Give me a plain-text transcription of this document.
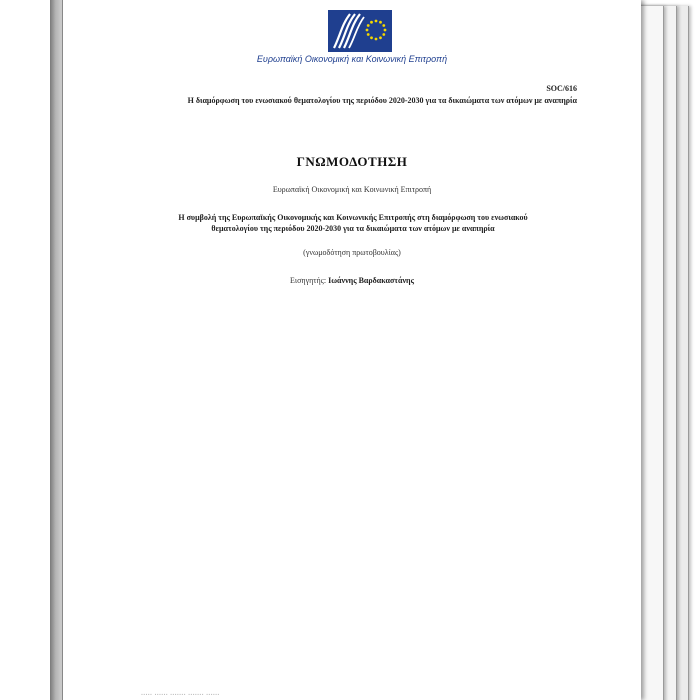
Ευρωπαϊκή Οικονομική και Κοινωνική Επιτροπή
SOC/616
Η διαμόρφωση του ενωσιακού θεματολογίου της περιόδου 2020-2030 για τα δικαιώματα των ατόμων με αναπηρία
ΓΝΩΜΟΔΟΤΗΣΗ
Ευρωπαϊκή Οικονομική και Κοινωνική Επιτροπή
Η συμβολή της Ευρωπαϊκής Οικονομικής και Κοινωνικής Επιτροπής στη διαμόρφωση του ενωσιακού θεματολογίου της περιόδου 2020-2030 για τα δικαιώματα των ατόμων με αναπηρία
(γνωμοδότηση πρωτοβουλίας)
Εισηγητής: Ιωάννης Βαρδακαστάνης
..... ...... ....... ....... ......
